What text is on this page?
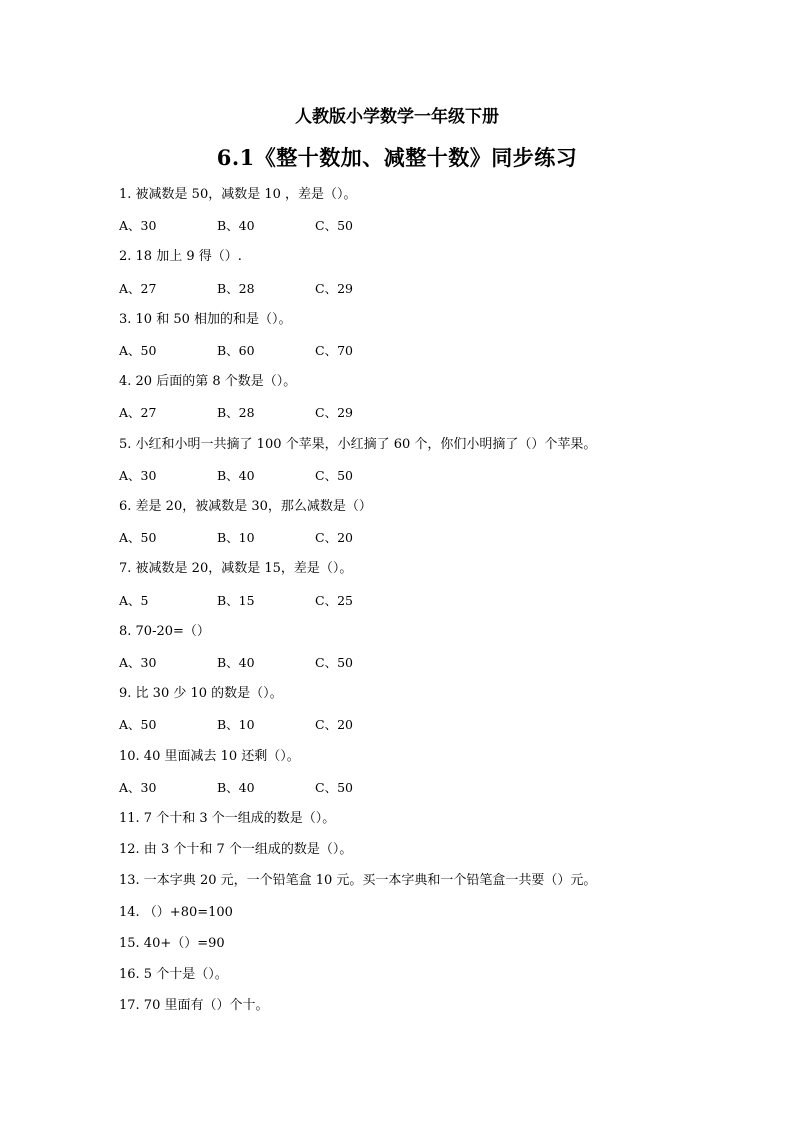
人教版小学数学一年级下册
6.1《整十数加、减整十数》同步练习
1. 被减数是 50，减数是 10 ，差是（）。
A、30	B、40	C、50
2. 18 加上 9 得（）.
A、27	B、28	C、29
3. 10 和 50 相加的和是（）。
A、50	B、60	C、70
4. 20 后面的第 8 个数是（）。
A、27	B、28	C、29
5. 小红和小明一共摘了 100 个苹果，小红摘了 60 个，你们小明摘了（）个苹果。
A、30	B、40	C、50
6. 差是 20，被减数是 30，那么减数是（）
A、50	B、10	C、20
7. 被减数是 20，减数是 15，差是（）。
A、5	B、15	C、25
8. 70-20=（）
A、30	B、40	C、50
9. 比 30 少 10 的数是（）。
A、50	B、10	C、20
10. 40 里面减去 10 还剩（）。
A、30	B、40	C、50
11. 7 个十和 3 个一组成的数是（）。
12. 由 3 个十和 7 个一组成的数是（）。
13. 一本字典 20 元，一个铅笔盒 10 元。买一本字典和一个铅笔盒一共要（）元。
14. （）+80=100
15. 40+（）=90
16. 5 个十是（）。
17. 70 里面有（）个十。
